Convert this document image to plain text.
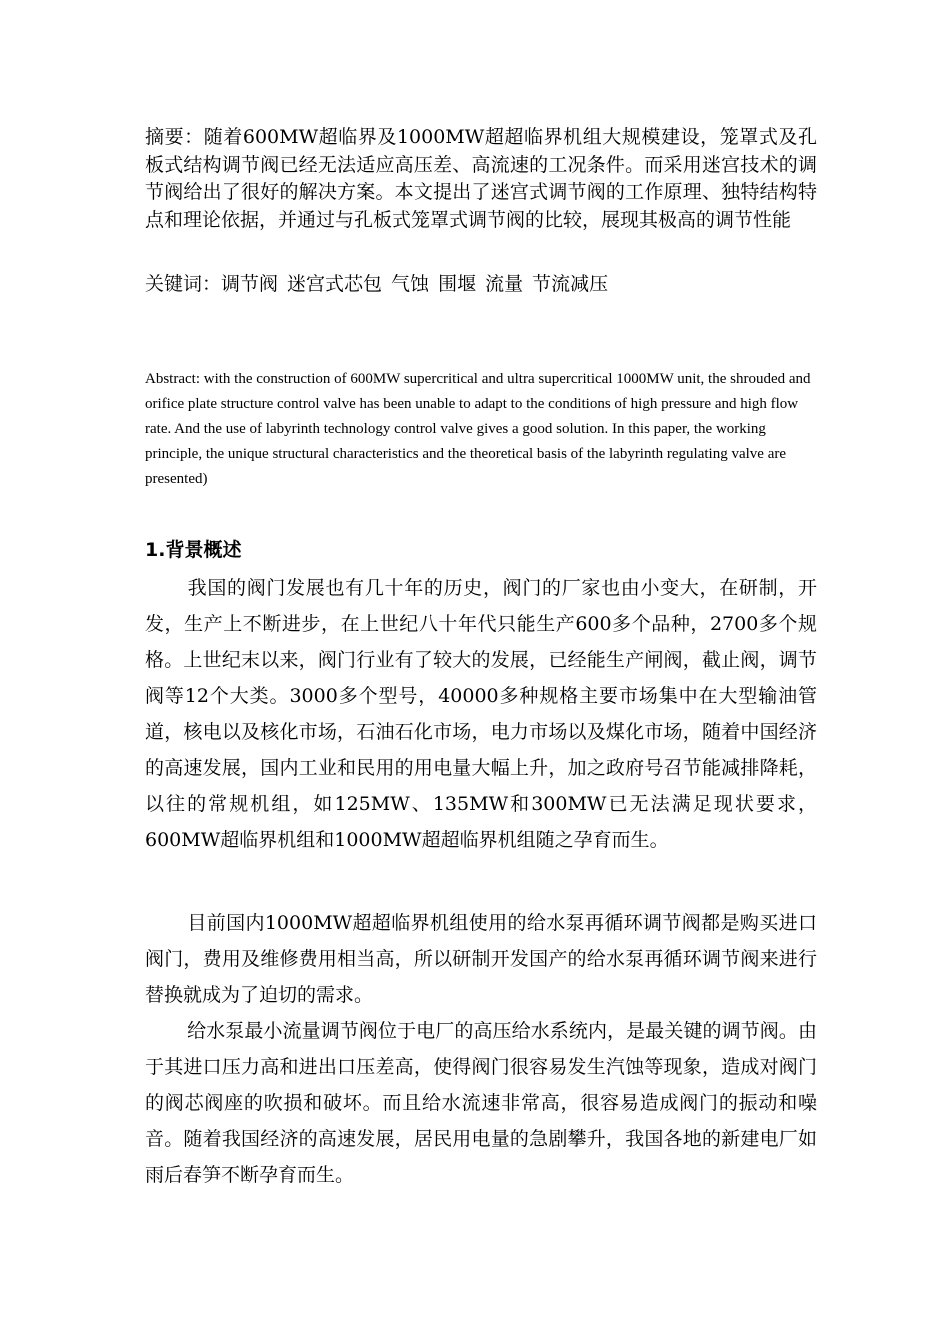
摘要：随着600MW超临界及1000MW超超临界机组大规模建设，笼罩式及孔板式结构调节阀已经无法适应高压差、高流速的工况条件。而采用迷宫技术的调节阀给出了很好的解决方案。本文提出了迷宫式调节阀的工作原理、独特结构特点和理论依据，并通过与孔板式笼罩式调节阀的比较，展现其极高的调节性能
关键词：调节阀 迷宫式芯包 气蚀 围堰 流量 节流减压
Abstract: with the construction of 600MW supercritical and ultra supercritical 1000MW unit, the shrouded and orifice plate structure control valve has been unable to adapt to the conditions of high pressure and high flow rate. And the use of labyrinth technology control valve gives a good solution. In this paper, the working principle, the unique structural characteristics and the theoretical basis of the labyrinth regulating valve are presented)
1.背景概述
我国的阀门发展也有几十年的历史，阀门的厂家也由小变大，在研制，开发，生产上不断进步，在上世纪八十年代只能生产600多个品种，2700多个规格。上世纪末以来，阀门行业有了较大的发展，已经能生产闸阀，截止阀，调节阀等12个大类。3000多个型号，40000多种规格主要市场集中在大型输油管道，核电以及核化市场，石油石化市场，电力市场以及煤化市场，随着中国经济的高速发展，国内工业和民用的用电量大幅上升，加之政府号召节能减排降耗，以往的常规机组，如125MW、135MW和300MW已无法满足现状要求，600MW超临界机组和1000MW超超临界机组随之孕育而生。
目前国内1000MW超超临界机组使用的给水泵再循环调节阀都是购买进口阀门，费用及维修费用相当高，所以研制开发国产的给水泵再循环调节阀来进行替换就成为了迫切的需求。
给水泵最小流量调节阀位于电厂的高压给水系统内，是最关键的调节阀。由于其进口压力高和进出口压差高，使得阀门很容易发生汽蚀等现象，造成对阀门的阀芯阀座的吹损和破坏。而且给水流速非常高，很容易造成阀门的振动和噪音。随着我国经济的高速发展，居民用电量的急剧攀升，我国各地的新建电厂如雨后春笋不断孕育而生。
